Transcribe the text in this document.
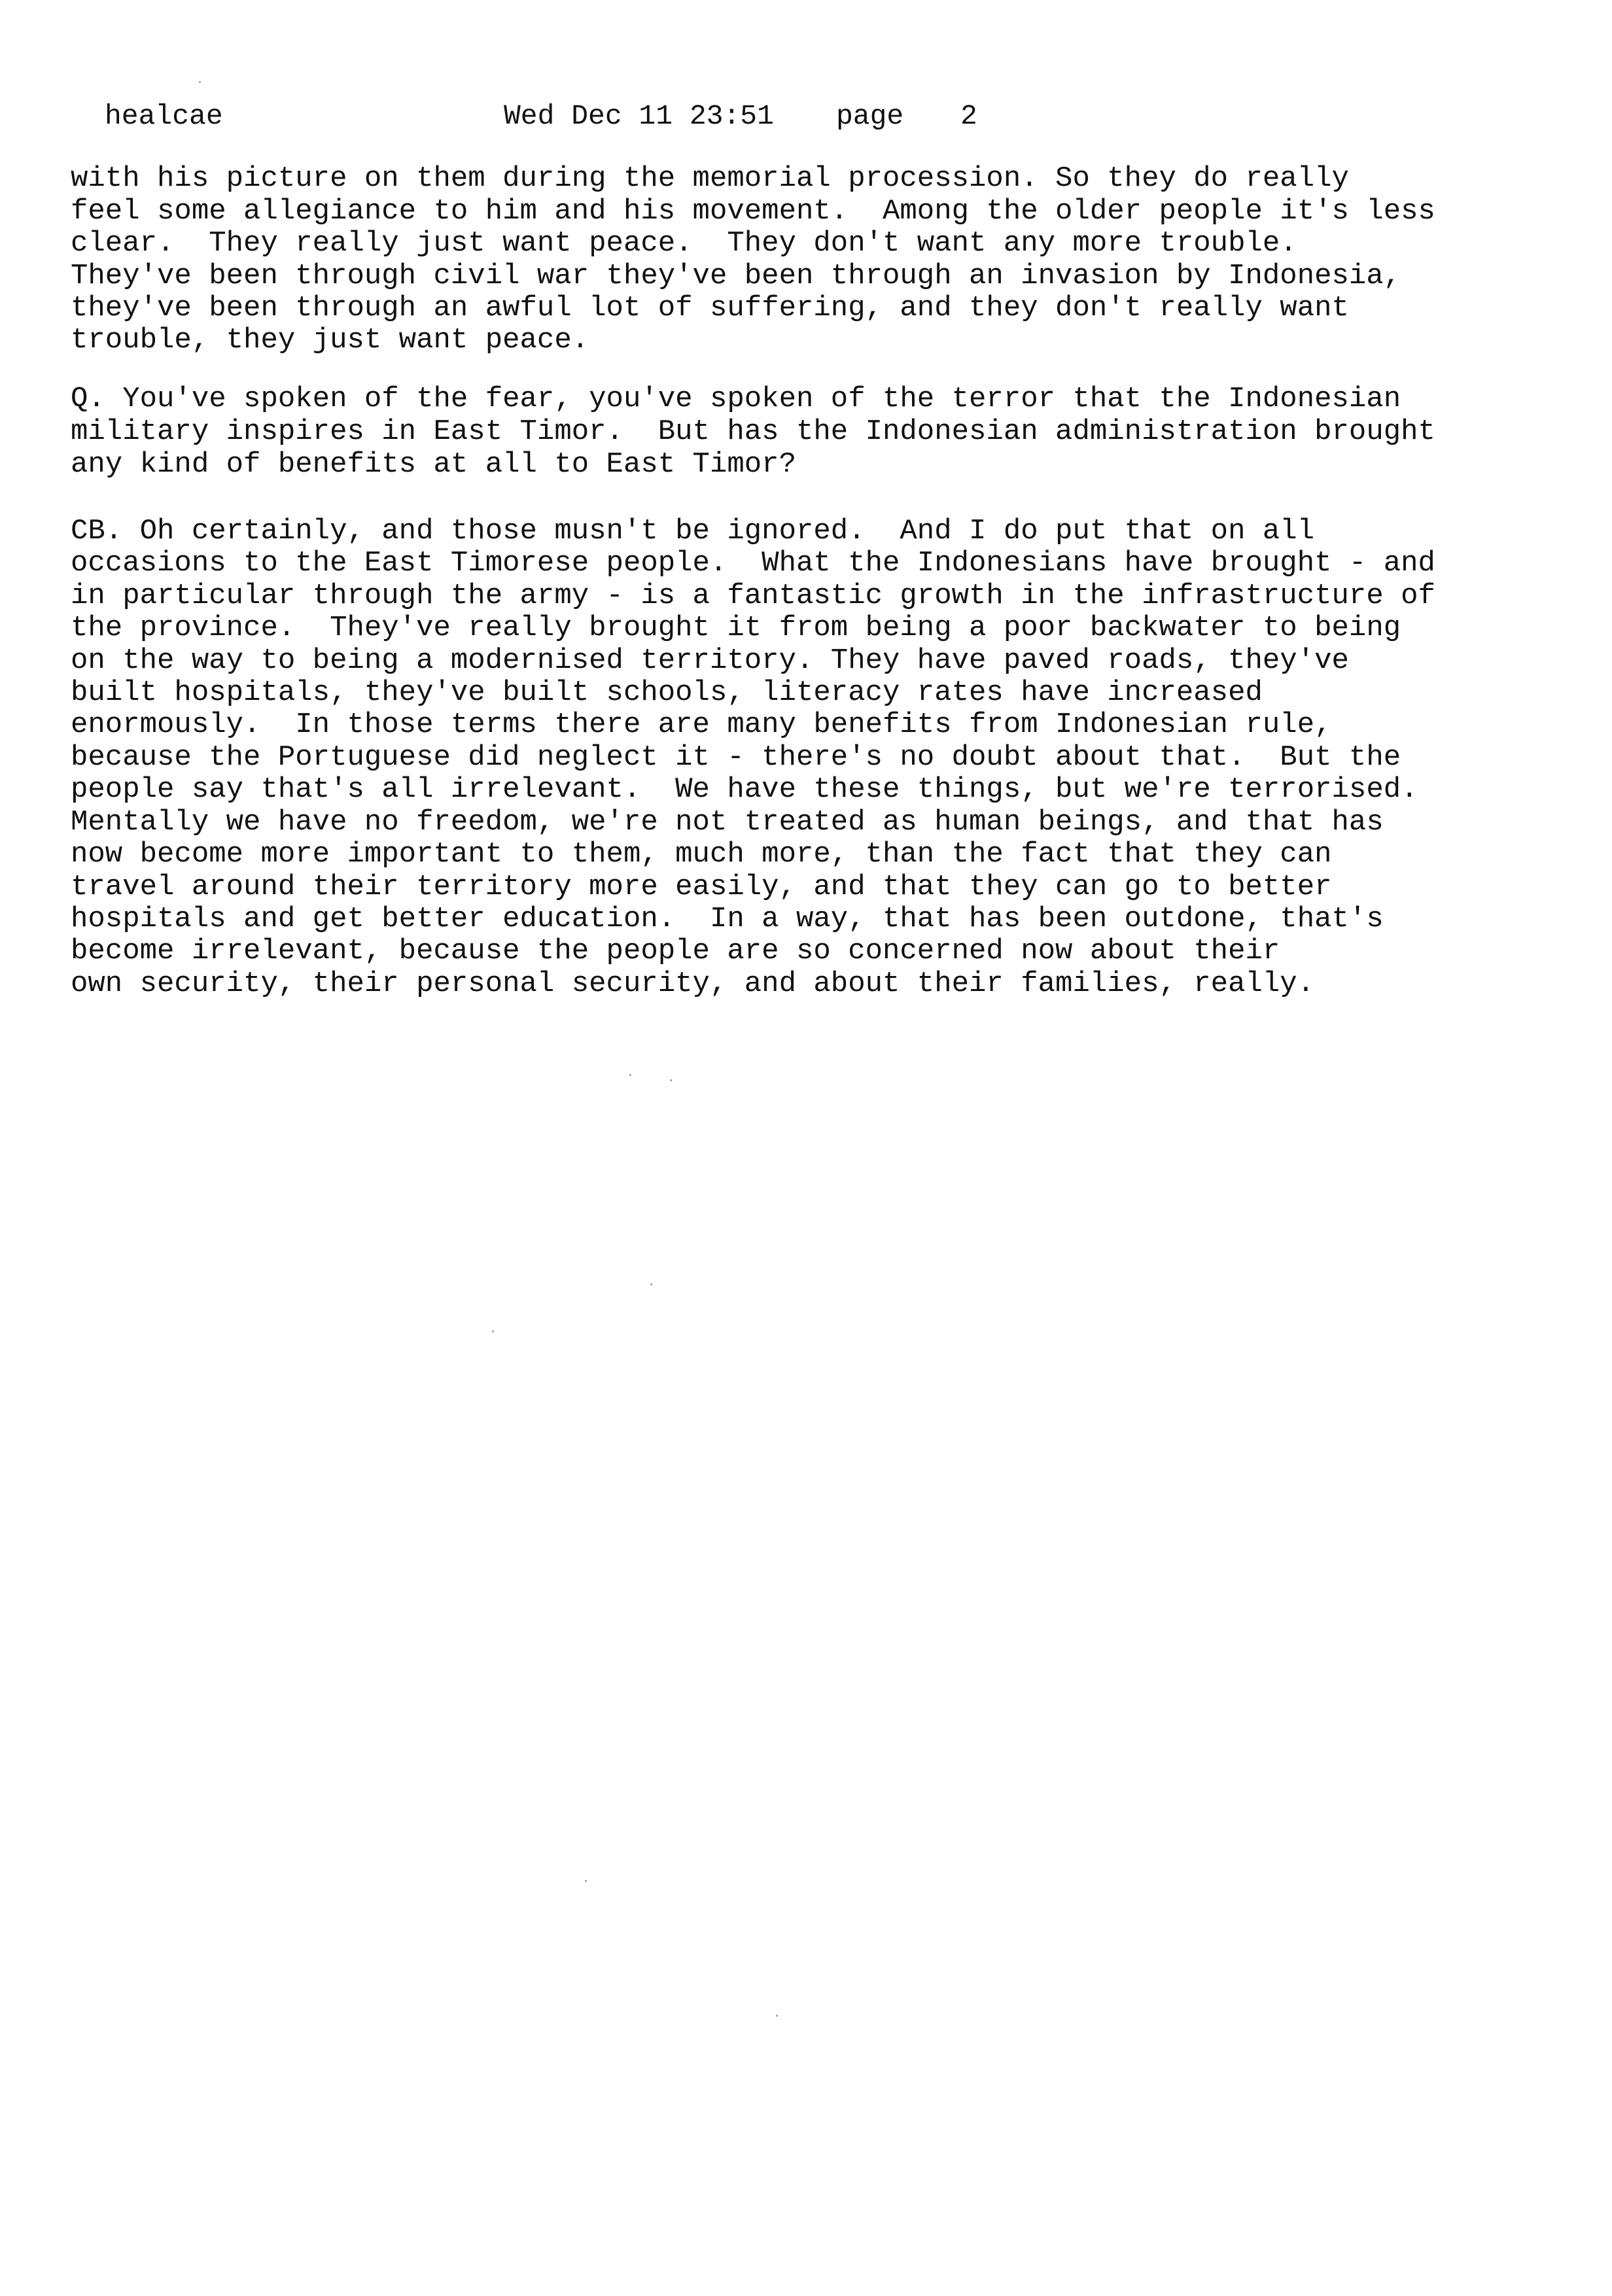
healcae

	Wed Dec 11 23:51

page

2

with his picture on them during the memorial procession. So they do really
feel some allegiance to him and his movement.  Among the older people it's less
clear.  They really just want peace.  They don't want any more trouble.
They've been through civil war they've been through an invasion by Indonesia,
they've been through an awful lot of suffering, and they don't really want
trouble, they just want peace.
Q. You've spoken of the fear, you've spoken of the terror that the Indonesian
military inspires in East Timor.  But has the Indonesian administration brought
any kind of benefits at all to East Timor?
CB. Oh certainly, and those musn't be ignored.  And I do put that on all
occasions to the East Timorese people.  What the Indonesians have brought - and
in particular through the army - is a fantastic growth in the infrastructure of
the province.  They've really brought it from being a poor backwater to being
on the way to being a modernised territory. They have paved roads, they've
built hospitals, they've built schools, literacy rates have increased
enormously.  In those terms there are many benefits from Indonesian rule,
because the Portuguese did neglect it - there's no doubt about that.  But the
people say that's all irrelevant.  We have these things, but we're terrorised.
Mentally we have no freedom, we're not treated as human beings, and that has
now become more important to them, much more, than the fact that they can
travel around their territory more easily, and that they can go to better
hospitals and get better education.  In a way, that has been outdone, that's
become irrelevant, because the people are so concerned now about their
own security, their personal security, and about their families, really.
